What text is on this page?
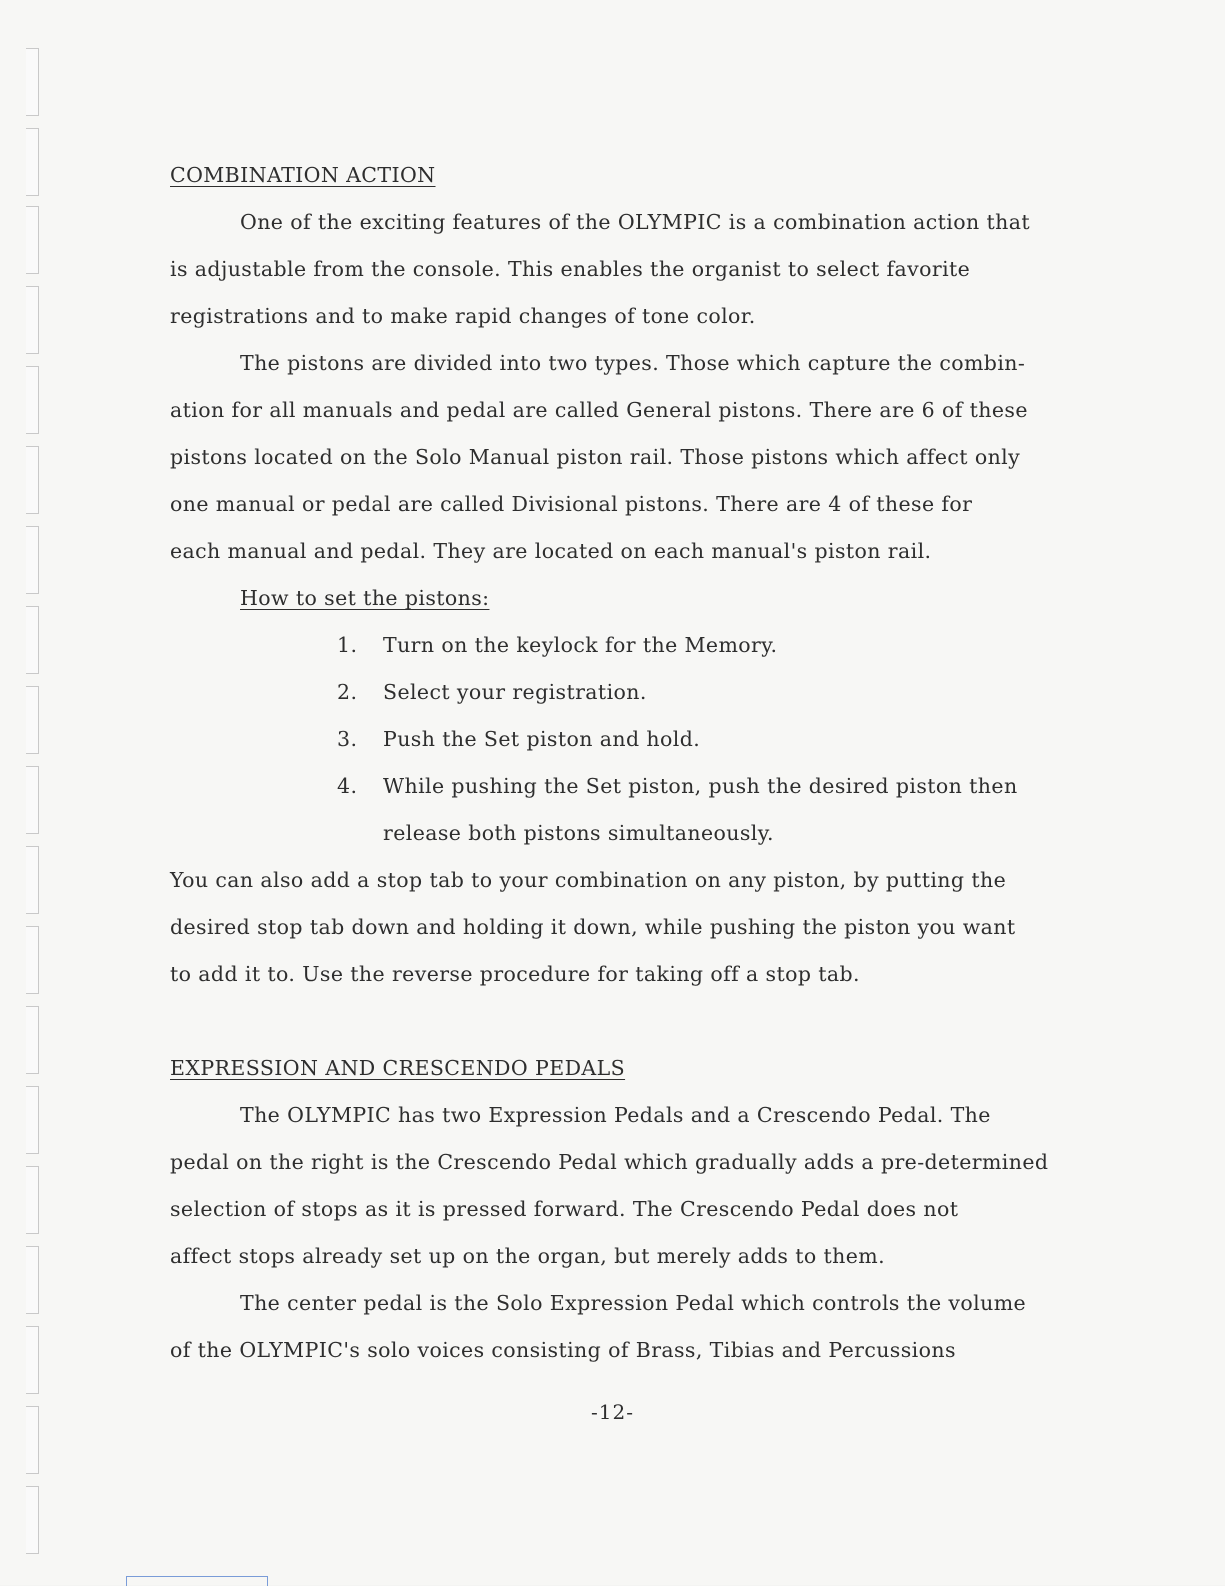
COMBINATION ACTION
One of the exciting features of the OLYMPIC is a combination action that
is adjustable from the console. This enables the organist to select favorite
registrations and to make rapid changes of tone color.
The pistons are divided into two types. Those which capture the combin-
ation for all manuals and pedal are called General pistons. There are 6 of these
pistons located on the Solo Manual piston rail. Those pistons which affect only
one manual or pedal are called Divisional pistons. There are 4 of these for
each manual and pedal. They are located on each manual's piston rail.
How to set the pistons:
1. Turn on the keylock for the Memory.
2. Select your registration.
3. Push the Set piston and hold.
4. While pushing the Set piston, push the desired piston then
release both pistons simultaneously.
You can also add a stop tab to your combination on any piston, by putting the
desired stop tab down and holding it down, while pushing the piston you want
to add it to. Use the reverse procedure for taking off a stop tab.
EXPRESSION AND CRESCENDO PEDALS
The OLYMPIC has two Expression Pedals and a Crescendo Pedal. The
pedal on the right is the Crescendo Pedal which gradually adds a pre-determined
selection of stops as it is pressed forward. The Crescendo Pedal does not
affect stops already set up on the organ, but merely adds to them.
The center pedal is the Solo Expression Pedal which controls the volume
of the OLYMPIC's solo voices consisting of Brass, Tibias and Percussions
-12-
